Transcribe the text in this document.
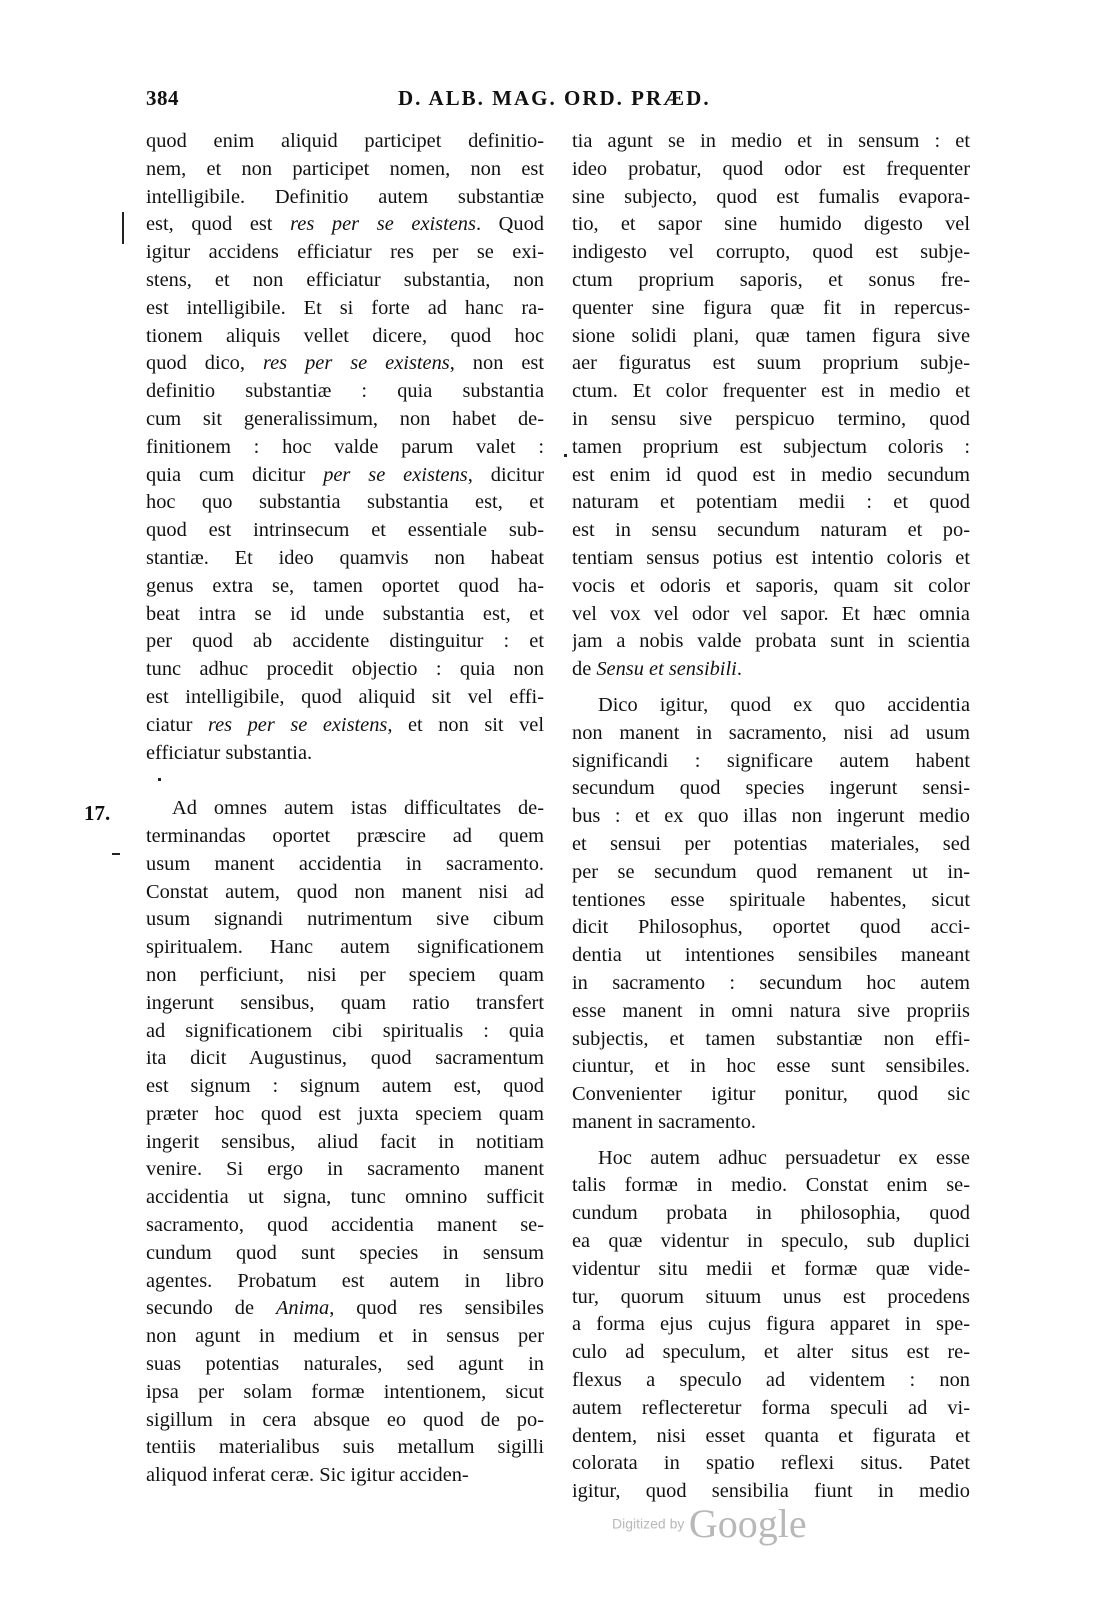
384	D. ALB. MAG. ORD. PRÆD.
17.
quod enim aliquid participet definitio-
nem, et non participet nomen, non est
intelligibile. Definitio autem substantiæ
est, quod est res per se existens. Quod
igitur accidens efficiatur res per se exi-
stens, et non efficiatur substantia, non
est intelligibile. Et si forte ad hanc ra-
tionem aliquis vellet dicere, quod hoc
quod dico, res per se existens, non est
definitio substantiæ : quia substantia
cum sit generalissimum, non habet de-
finitionem : hoc valde parum valet :
quia cum dicitur per se existens, dicitur
hoc quo substantia substantia est, et
quod est intrinsecum et essentiale sub-
stantiæ. Et ideo quamvis non habeat
genus extra se, tamen oportet quod ha-
beat intra se id unde substantia est, et
per quod ab accidente distinguitur : et
tunc adhuc procedit objectio : quia non
est intelligibile, quod aliquid sit vel effi-
ciatur res per se existens, et non sit vel
efficiatur substantia.
Ad omnes autem istas difficultates de-
terminandas oportet præscire ad quem
usum manent accidentia in sacramento.
Constat autem, quod non manent nisi ad
usum signandi nutrimentum sive cibum
spiritualem. Hanc autem significationem
non perficiunt, nisi per speciem quam
ingerunt sensibus, quam ratio transfert
ad significationem cibi spiritualis : quia
ita dicit Augustinus, quod sacramentum
est signum : signum autem est, quod
præter hoc quod est juxta speciem quam
ingerit sensibus, aliud facit in notitiam
venire. Si ergo in sacramento manent
accidentia ut signa, tunc omnino sufficit
sacramento, quod accidentia manent se-
cundum quod sunt species in sensum
agentes. Probatum est autem in libro
secundo de Anima, quod res sensibiles
non agunt in medium et in sensus per
suas potentias naturales, sed agunt in
ipsa per solam formæ intentionem, sicut
sigillum in cera absque eo quod de po-
tentiis materialibus suis metallum sigilli
aliquod inferat ceræ. Sic igitur acciden-
tia agunt se in medio et in sensum : et
ideo probatur, quod odor est frequenter
sine subjecto, quod est fumalis evapora-
tio, et sapor sine humido digesto vel
indigesto vel corrupto, quod est subje-
ctum proprium saporis, et sonus fre-
quenter sine figura quæ fit in repercus-
sione solidi plani, quæ tamen figura sive
aer figuratus est suum proprium subje-
ctum. Et color frequenter est in medio et
in sensu sive perspicuo termino, quod
tamen proprium est subjectum coloris :
est enim id quod est in medio secundum
naturam et potentiam medii : et quod
est in sensu secundum naturam et po-
tentiam sensus potius est intentio coloris et
vocis et odoris et saporis, quam sit color
vel vox vel odor vel sapor. Et hæc omnia
jam a nobis valde probata sunt in scientia
de Sensu et sensibili.
Dico igitur, quod ex quo accidentia
non manent in sacramento, nisi ad usum
significandi : significare autem habent
secundum quod species ingerunt sensi-
bus : et ex quo illas non ingerunt medio
et sensui per potentias materiales, sed
per se secundum quod remanent ut in-
tentiones esse spirituale habentes, sicut
dicit Philosophus, oportet quod acci-
dentia ut intentiones sensibiles maneant
in sacramento : secundum hoc autem
esse manent in omni natura sive propriis
subjectis, et tamen substantiæ non effi-
ciuntur, et in hoc esse sunt sensibiles.
Convenienter igitur ponitur, quod sic
manent in sacramento.
Hoc autem adhuc persuadetur ex esse
talis formæ in medio. Constat enim se-
cundum probata in philosophia, quod
ea quæ videntur in speculo, sub duplici
videntur situ medii et formæ quæ vide-
tur, quorum situum unus est procedens
a forma ejus cujus figura apparet in spe-
culo ad speculum, et alter situs est re-
flexus a speculo ad videntem : non
autem reflecteretur forma speculi ad vi-
dentem, nisi esset quanta et figurata et
colorata in spatio reflexi situs. Patet
igitur, quod sensibilia fiunt in medio
Digitized by Google
